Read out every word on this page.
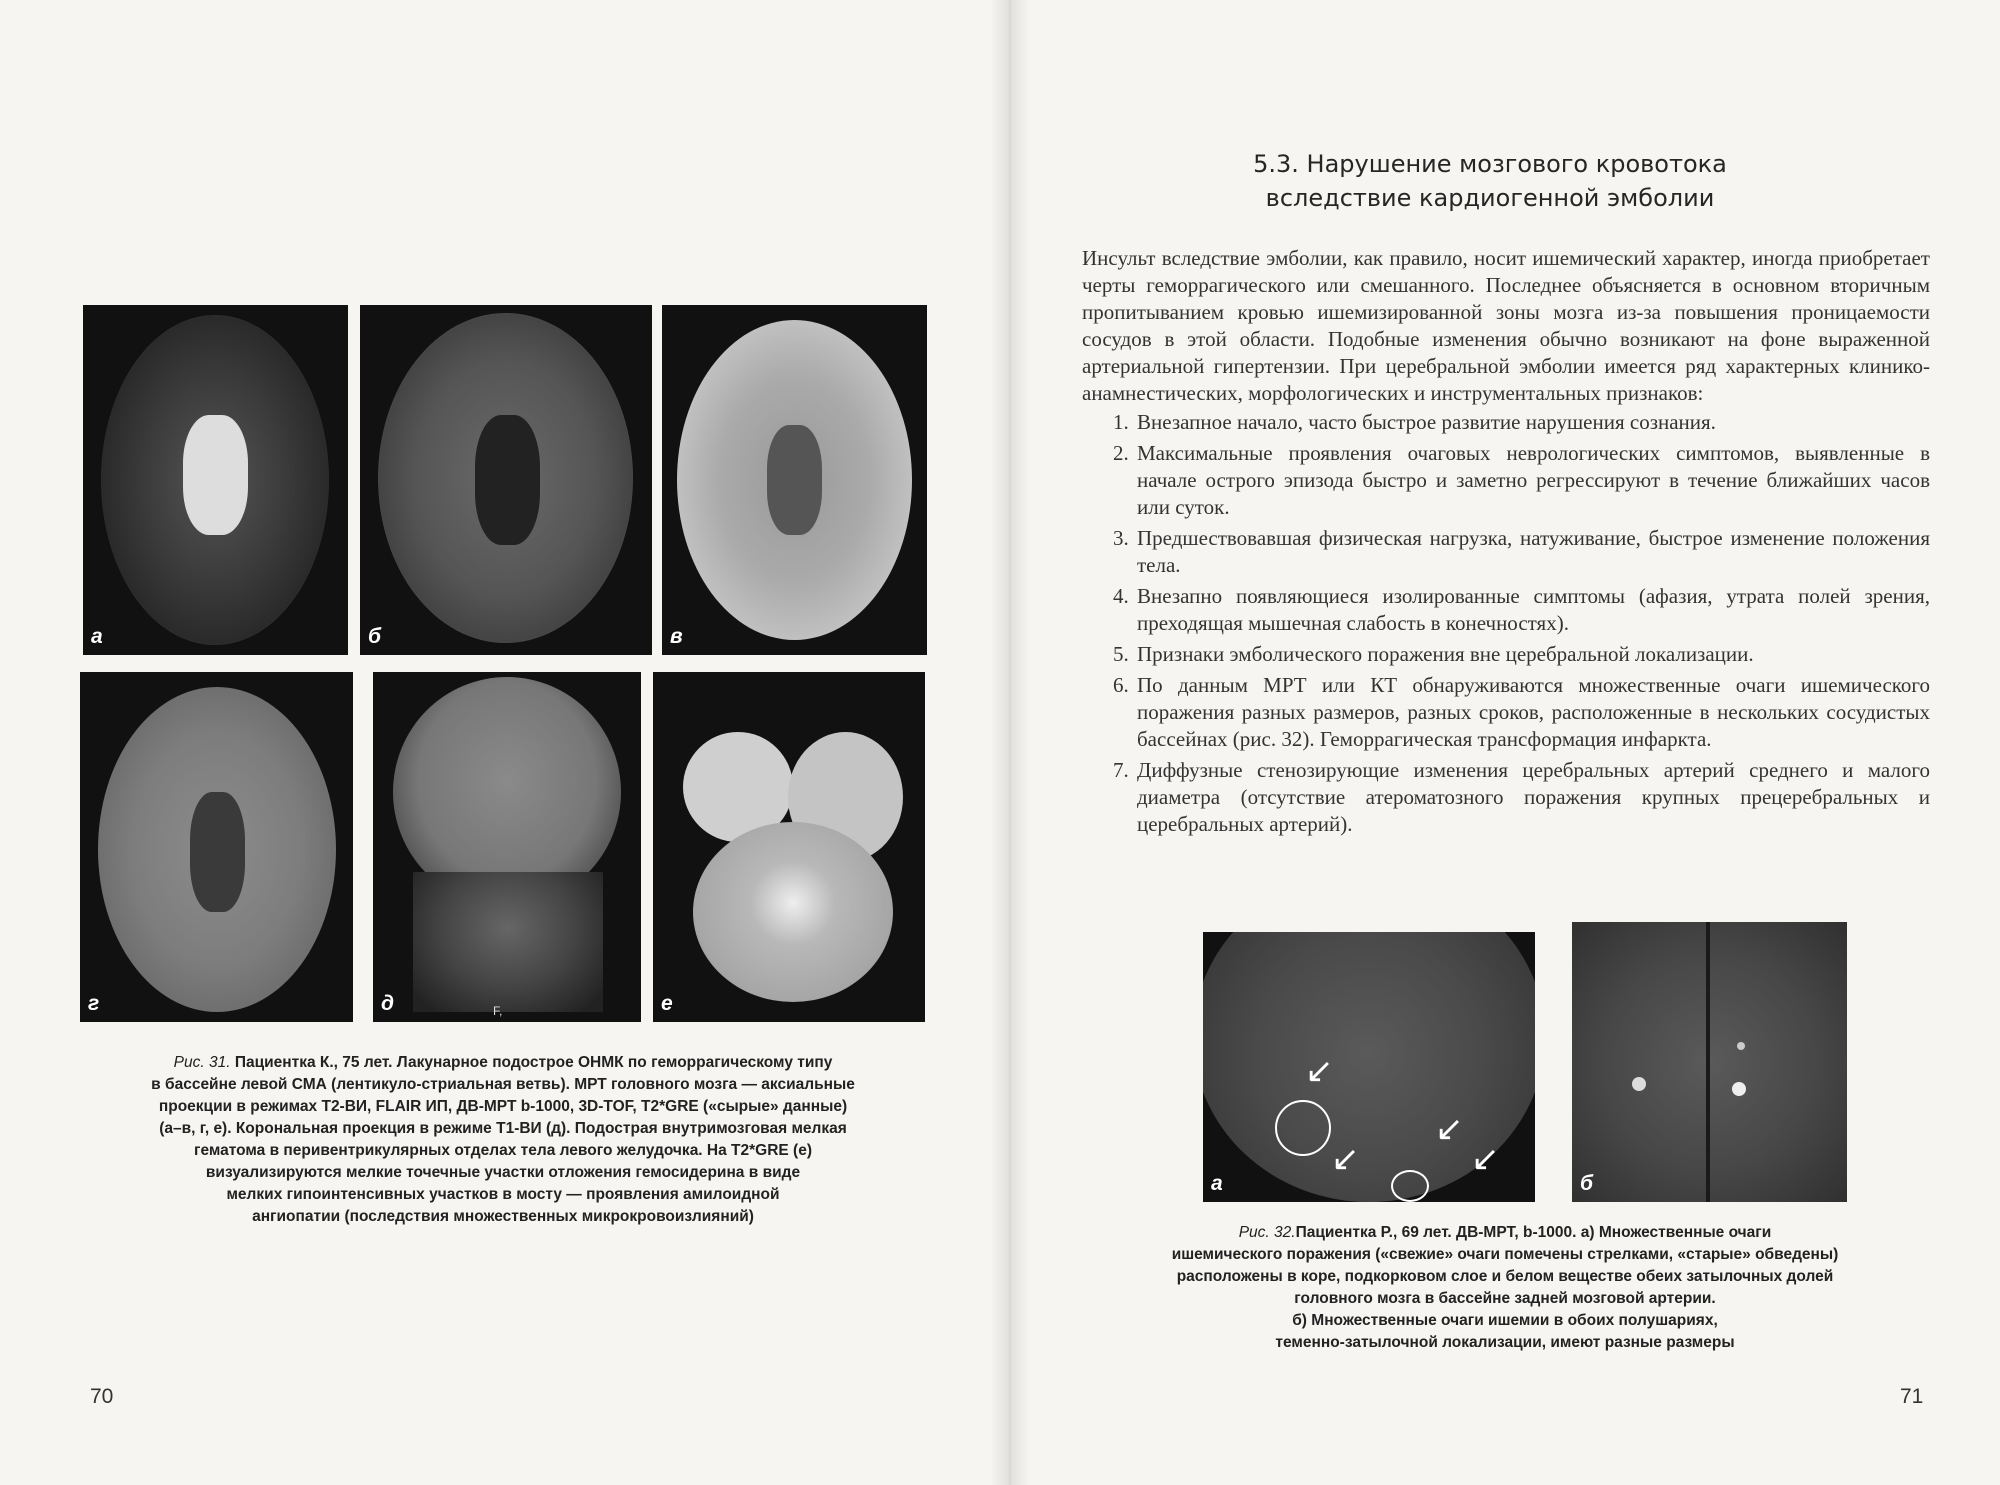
а	б	в
г	д	F,	е
Рис. 31. Пациентка К., 75 лет. Лакунарное подострое ОНМК по геморрагическому типу
в бассейне левой СМА (лентикуло-стриальная ветвь). МРТ головного мозга — аксиальные
проекции в режимах Т2-ВИ, FLAIR ИП, ДВ-МРТ b-1000, 3D-TOF, T2*GRE («сырые» данные)
(а–в, г, е). Корональная проекция в режиме Т1-ВИ (д). Подострая внутримозговая мелкая
гематома в перивентрикулярных отделах тела левого желудочка. На T2*GRE (е)
визуализируются мелкие точечные участки отложения гемосидерина в виде
мелких гипоинтенсивных участков в мосту — проявления амилоидной
ангиопатии (последствия множественных микрокровоизлияний)
70
5.3. Нарушение мозгового кровотока
вследствие кардиогенной эмболии

Инсульт вследствие эмболии, как правило, носит ишемический характер, иногда приобретает черты геморрагического или смешанного. Последнее объясняется в основном вторичным пропитыванием кровью ишемизированной зоны мозга из-за повышения проницаемости сосудов в этой области. Подобные изменения обычно возникают на фоне выраженной артериальной гипертензии. При церебральной эмболии имеется ряд характерных клинико-анамнестических, морфологических и инструментальных признаков:

1. Внезапное начало, часто быстрое развитие нарушения сознания.
2. Максимальные проявления очаговых неврологических симптомов, выявленные в начале острого эпизода быстро и заметно регрессируют в течение ближайших часов или суток.
3. Предшествовавшая физическая нагрузка, натуживание, быстрое изменение положения тела.
4. Внезапно появляющиеся изолированные симптомы (афазия, утрата полей зрения, преходящая мышечная слабость в конечностях).
5. Признаки эмболического поражения вне церебральной локализации.
6. По данным МРТ или КТ обнаруживаются множественные очаги ишемического поражения разных размеров, разных сроков, расположенные в нескольких сосудистых бассейнах (рис. 32). Геморрагическая трансформация инфаркта.
7. Диффузные стенозирующие изменения церебральных артерий среднего и малого диаметра (отсутствие атероматозного поражения крупных прецеребральных и церебральных артерий).
↙
↙
↙
↙
а	б
Рис. 32.Пациентка Р., 69 лет. ДВ-МРТ, b-1000. а) Множественные очаги
ишемического поражения («свежие» очаги помечены стрелками, «старые» обведены)
расположены в коре, подкорковом слое и белом веществе обеих затылочных долей
головного мозга в бассейне задней мозговой артерии.
б) Множественные очаги ишемии в обоих полушариях,
теменно-затылочной локализации, имеют разные размеры
71
